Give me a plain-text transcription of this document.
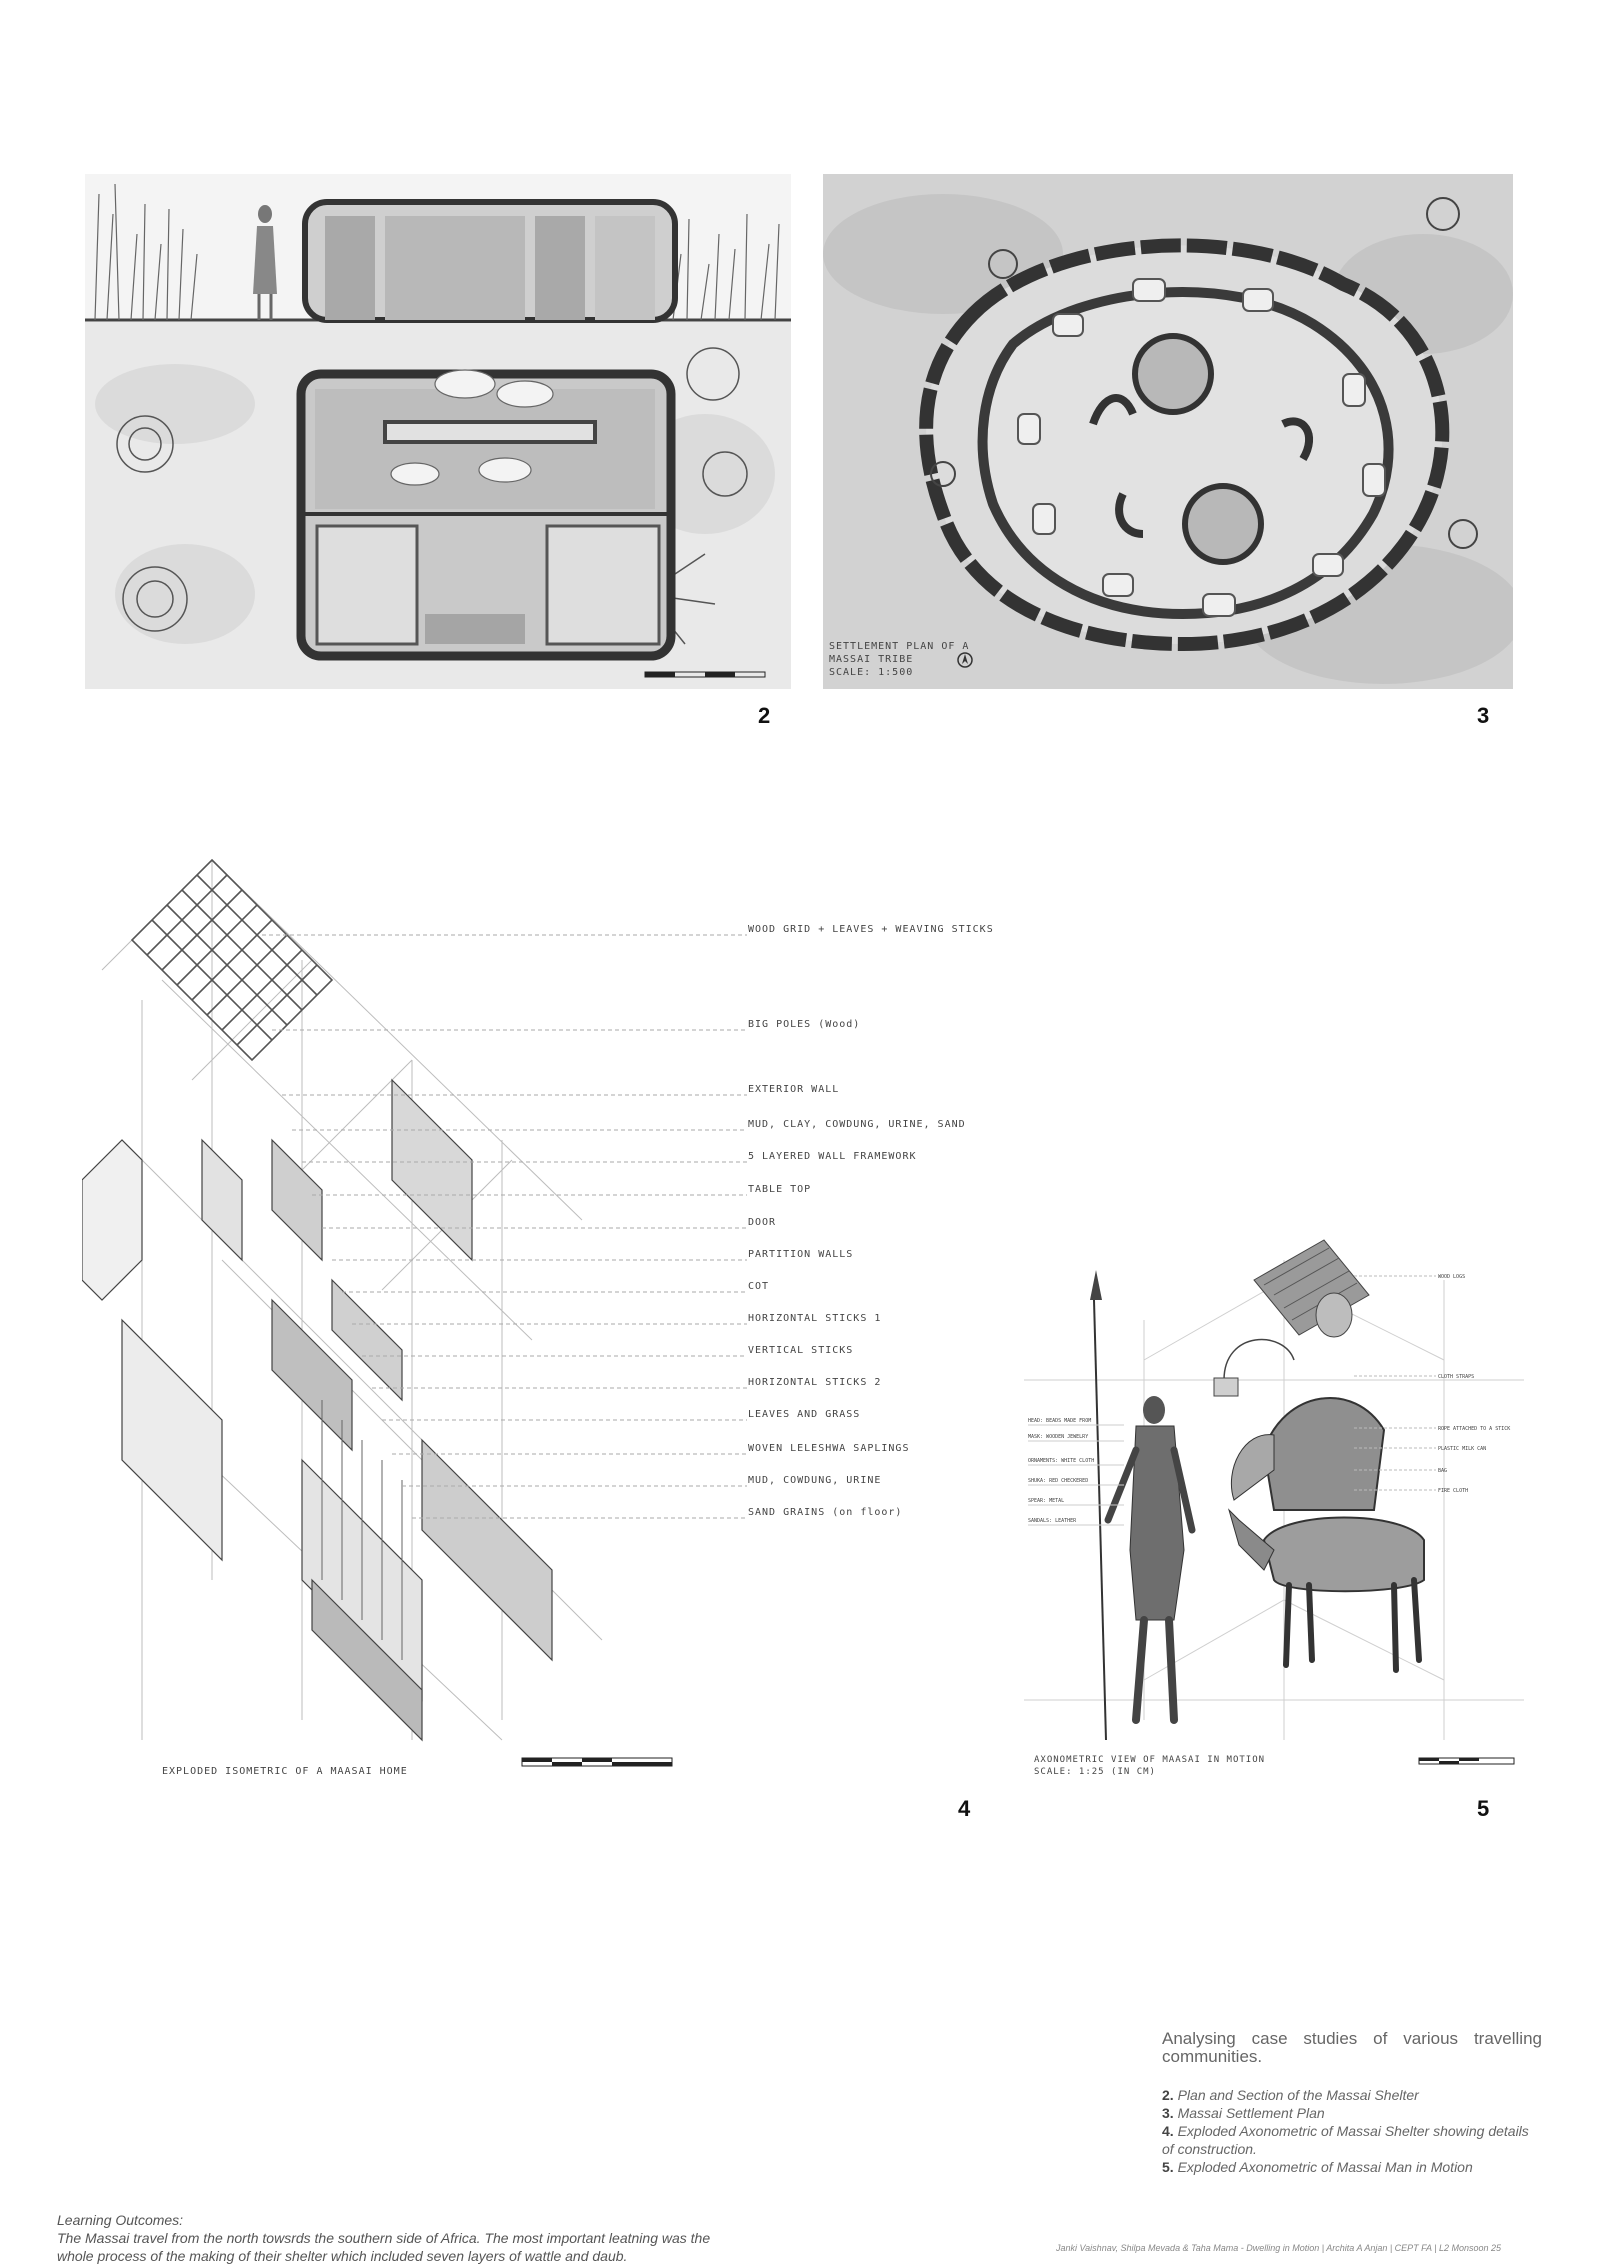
2
SETTLEMENT PLAN OF A
MASSAI TRIBE
SCALE: 1:500
3
WOOD GRID + LEAVES + WEAVING STICKS
BIG POLES (Wood)
EXTERIOR WALL
MUD, CLAY, COWDUNG, URINE, SAND
5 LAYERED WALL FRAMEWORK
TABLE TOP
DOOR
PARTITION WALLS
COT
HORIZONTAL STICKS 1
VERTICAL STICKS
HORIZONTAL STICKS 2
LEAVES AND GRASS
WOVEN LELESHWA SAPLINGS
MUD, COWDUNG, URINE
SAND GRAINS (on floor)
EXPLODED ISOMETRIC OF A MAASAI HOME
4
WOOD LOGS
CLOTH STRAPS
ROPE ATTACHED TO A STICK
PLASTIC MILK CAN
BAG
FIRE CLOTH
HEAD: BEADS MADE FROM
MASK: WOODEN JEWELRY
ORNAMENTS: WHITE CLOTH
SHUKA: RED CHECKERED
SPEAR: METAL
SANDALS: LEATHER
AXONOMETRIC VIEW OF MAASAI IN MOTION
SCALE: 1:25 (IN CM)
5

Analysing case studies of various travelling communities.

2. Plan and Section of the Massai Shelter
3. Massai Settlement Plan
4. Exploded Axonometric of Massai Shelter showing details of construction.
5. Exploded Axonometric of Massai Man in Motion

Learning Outcomes:

The Massai travel from the north towsrds the southern side of Africa. The most important leatning was the whole process of the making of their shelter which included seven layers of wattle and daub.	Janki Vaishnav, Shilpa Mevada & Taha Mama - Dwelling in Motion | Archita A Anjan | CEPT FA | L2 Monsoon 25
